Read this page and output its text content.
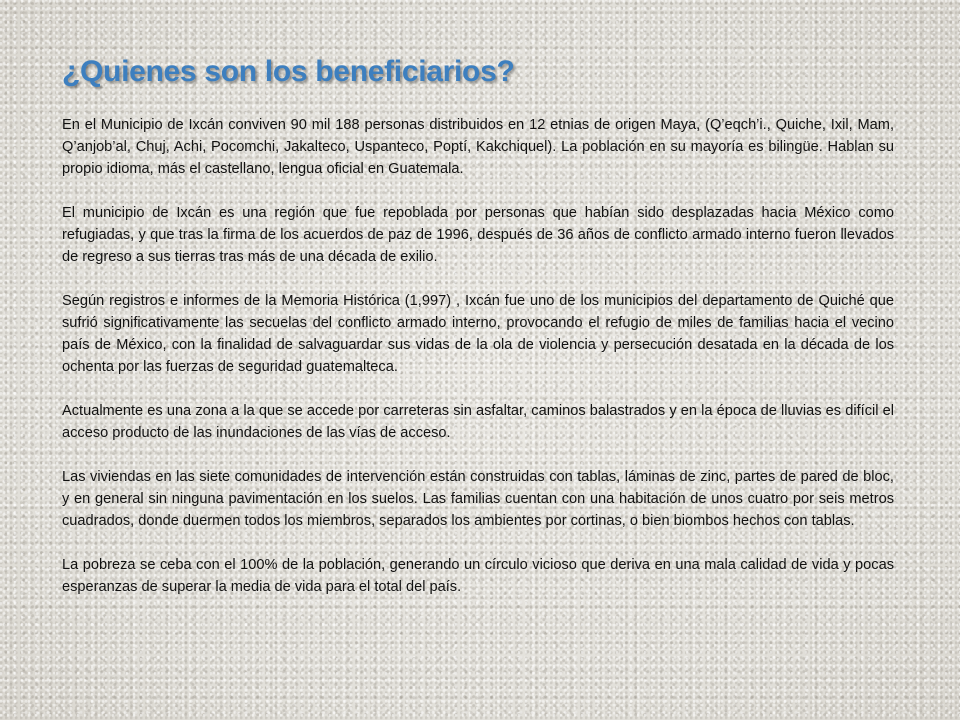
¿Quienes son los beneficiarios?

En el Municipio de Ixcán conviven 90 mil 188 personas distribuidos en 12 etnias de origen Maya, (Q’eqch’i., Quiche, Ixil, Mam, Q’anjob’al, Chuj, Achi, Pocomchi, Jakalteco, Uspanteco, Poptí, Kakchiquel). La población en su mayoría es bilingüe. Hablan su propio idioma, más el castellano, lengua oficial en Guatemala.

El municipio de Ixcán es una región que fue repoblada por personas que habían sido desplazadas hacia México como refugiadas, y que tras la firma de los acuerdos de paz de 1996, después de 36 años de conflicto armado interno fueron llevados de regreso a sus tierras tras más de una década de exilio.

Según registros e informes de la Memoria Histórica (1,997) , Ixcán fue uno de los municipios del departamento de Quiché que sufrió significativamente las secuelas del conflicto armado interno, provocando el refugio de miles de familias hacia el vecino país de México, con la finalidad de salvaguardar sus vidas de la ola de violencia y persecución desatada en la década de los ochenta por las fuerzas de seguridad guatemalteca.

Actualmente es una zona a la que se accede por carreteras sin asfaltar, caminos balastrados y en la época de lluvias es difícil el acceso producto de las inundaciones de las vías de acceso.

Las viviendas en las siete comunidades de intervención están construidas con tablas, láminas de zinc, partes de pared de bloc, y en general sin ninguna pavimentación en los suelos. Las familias cuentan con una habitación de unos cuatro por seis metros cuadrados, donde duermen todos los miembros, separados los ambientes por cortinas, o bien biombos hechos con tablas.

La pobreza se ceba con el 100% de la población, generando un círculo vicioso que deriva en una mala calidad de vida y pocas esperanzas de superar la media de vida para el total del país.
